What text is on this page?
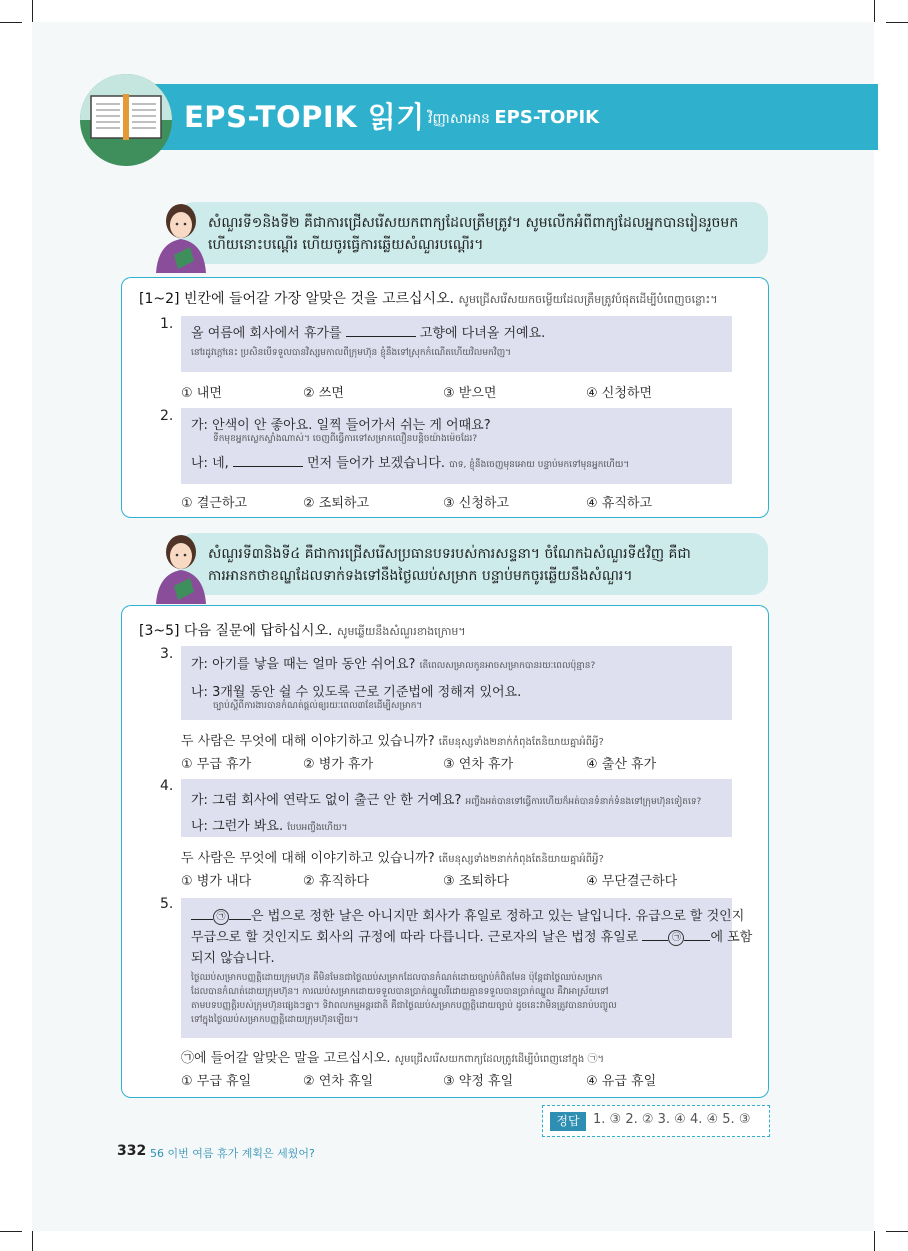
EPS-TOPIK 읽기 វិញ្ញាសាអាន EPS-TOPIK
សំណួរទី១និងទី២ គឺជាការជ្រើសរើសយកពាក្យដែលត្រឹមត្រូវ។ សូមលើកអំពីពាក្យដែលអ្នកបានរៀនរួចមកហើយនោះបណ្ដើរ ហើយចូរធ្វើការឆ្លើយសំណួរបណ្ដើរ។
[1~2] 빈칸에 들어갈 가장 알맞은 것을 고르십시오. សូមជ្រើសរើសយកចម្លើយដែលត្រឹមត្រូវបំផុតដើម្បីបំពេញចន្លោះ។
1.
올 여름에 회사에서 휴가를	고향에 다녀올 거예요.
នៅរដូវក្ដៅនេះ ប្រសិនបើទទួលបានវិស្សមកាលពីក្រុមហ៊ុន ខ្ញុំនឹងទៅស្រុកកំណើតហើយវិលមកវិញ។
① 내면	② 쓰면	③ 받으면	④ 신청하면
2.
가: 안색이 안 좋아요. 일찍 들어가서 쉬는 게 어때요?
ទឹកមុខអ្នកស្លេកស្លាំងណាស់។ ចេញពីធ្វើការទៅសម្រាកលឿនបន្តិចយ៉ាងម៉េចដែរ?
나: 네,	먼저 들어가 보겠습니다. បាទ, ខ្ញុំនឹងចេញមុនអោយ បន្ទាប់មកទៅមុនអ្នកហើយ។
① 결근하고	② 조퇴하고	③ 신청하고	④ 휴직하고
សំណួរទី៣និងទី៤ គឺជាការជ្រើសរើសប្រធានបទរបស់ការសន្ទនា។ ចំណែកឯសំណួរទី៥វិញ គឺជាការអានកថាខណ្ឌដែលទាក់ទងទៅនឹងថ្ងៃឈប់សម្រាក បន្ទាប់មកចូរឆ្លើយនឹងសំណួរ។
[3~5] 다음 질문에 답하십시오. សូមឆ្លើយនឹងសំណួរខាងក្រោម។
3.
가: 아기를 낳을 때는 얼마 동안 쉬어요? តើពេលសម្រាលកូនអាចសម្រាកបានរយៈពេលប៉ុន្មាន?
나: 3개월 동안 쉴 수 있도록 근로 기준법에 정해져 있어요.
ច្បាប់ស្ដីពីការងារបានកំណត់ផ្ដល់ឲ្យរយៈពេល៣ខែដើម្បីសម្រាក។
두 사람은 무엇에 대해 이야기하고 있습니까? តើមនុស្សទាំង២នាក់កំពុងតែនិយាយគ្នាអំពីអ្វី?
① 무급 휴가	② 병가 휴가	③ 연차 휴가	④ 출산 휴가
4.
가: 그럼 회사에 연락도 없이 출근 안 한 거예요? អញ្ចឹងអត់បានទៅធ្វើការហើយក៏អត់បានទំនាក់ទំនងទៅក្រុមហ៊ុនទៀតទេ?
나: 그런가 봐요. បែបអញ្ចឹងហើយ។
두 사람은 무엇에 대해 이야기하고 있습니까? តើមនុស្សទាំង២នាក់កំពុងតែនិយាយគ្នាអំពីអ្វី?
① 병가 내다	② 휴직하다	③ 조퇴하다	④ 무단결근하다
5.
㉠ 은 법으로 정한 날은 아니지만 회사가 휴일로 정하고 있는 날입니다. 유급으로 할 것인지
무급으로 할 것인지도 회사의 규정에 따라 다릅니다. 근로자의 날은 법정 휴일로	㉠ 에 포함
되지 않습니다.
ថ្ងៃឈប់សម្រាកបញ្ញត្តិដោយក្រុមហ៊ុន គឺមិនមែនជាថ្ងៃឈប់សម្រាកដែលបានកំណត់ដោយច្បាប់កំពិតមែន ប៉ុន្តែជាថ្ងៃឈប់សម្រាក
ដែលបានកំណត់ដោយក្រុមហ៊ុន។ ការឈប់សម្រាកដោយទទួលបានប្រាក់ឈ្នួលរឺដោយគ្មានទទួលបានប្រាក់ឈ្នួល គឺវាអាស្រ័យទៅ
តាមបទបញ្ញត្តិរបស់ក្រុមហ៊ុនផ្សេងៗគ្នា។ ទិវាពលកម្មអន្តរជាតិ គឺជាថ្ងៃឈប់សម្រាកបញ្ញត្តិដោយច្បាប់ ដូចនេះវាមិនត្រូវបានរាប់បញ្ចូល
ទៅក្នុងថ្ងៃឈប់សម្រាកបញ្ញត្តិដោយក្រុមហ៊ុនឡើយ។
㉠에 들어갈 알맞은 말을 고르십시오. សូមជ្រើសរើសយកពាក្យដែលត្រូវដើម្បីបំពេញនៅក្នុង ㉠។
① 무급 휴일	② 연차 휴일	③ 약정 휴일	④ 유급 휴일
정답	1. ③ 2. ② 3. ④ 4. ④ 5. ③
332 56 이번 여름 휴가 계획은 세웠어?
